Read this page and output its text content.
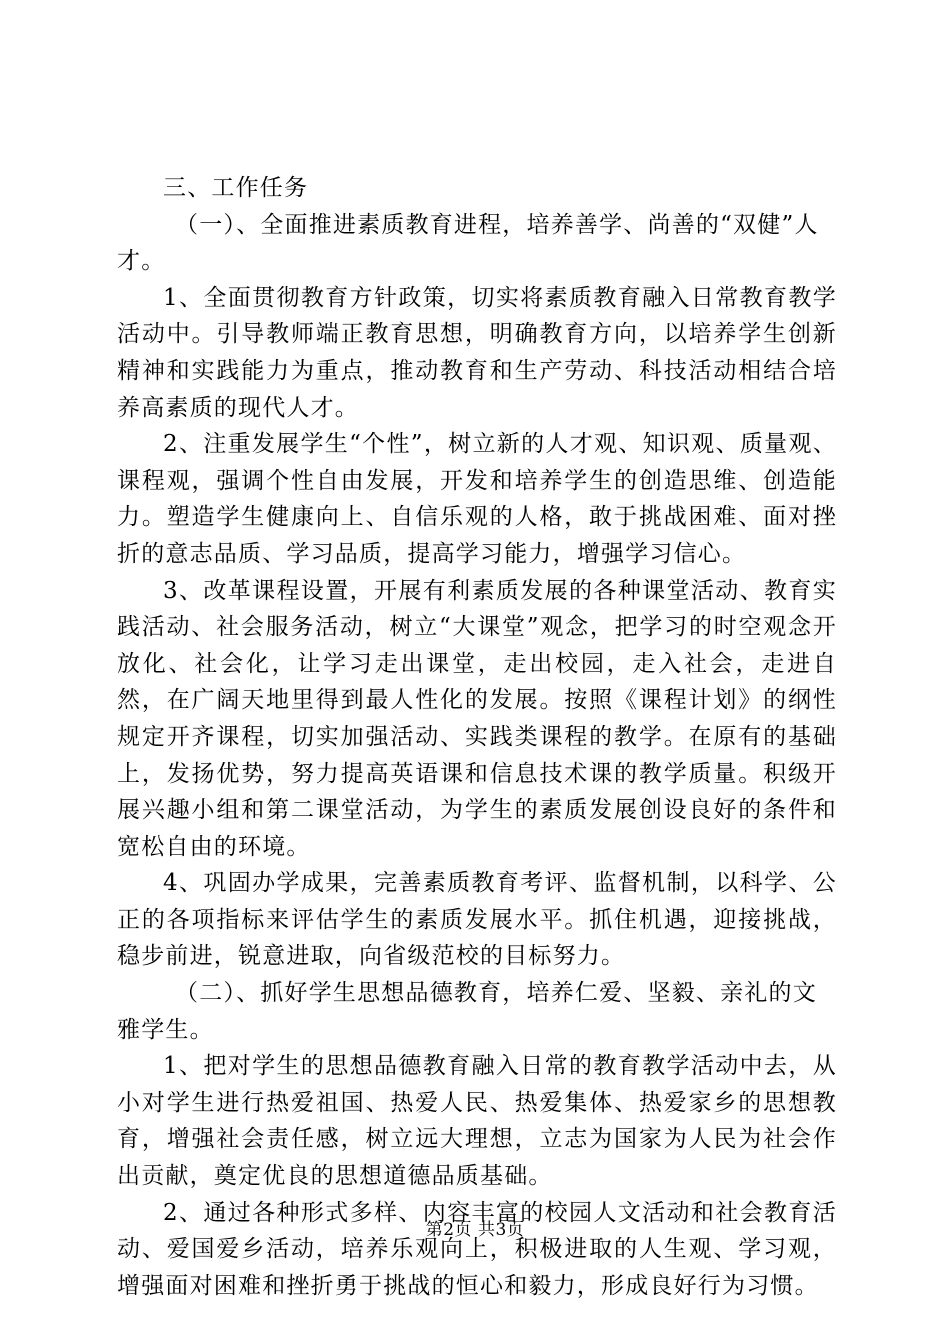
三、工作任务

（一）、全面推进素质教育进程，培养善学、尚善的“双健”人才。

1、全面贯彻教育方针政策，切实将素质教育融入日常教育教学活动中。引导教师端正教育思想，明确教育方向，以培养学生创新精神和实践能力为重点，推动教育和生产劳动、科技活动相结合培养高素质的现代人才。

2、注重发展学生“个性”，树立新的人才观、知识观、质量观、课程观，强调个性自由发展，开发和培养学生的创造思维、创造能力。塑造学生健康向上、自信乐观的人格，敢于挑战困难、面对挫折的意志品质、学习品质，提高学习能力，增强学习信心。

3、改革课程设置，开展有利素质发展的各种课堂活动、教育实践活动、社会服务活动，树立“大课堂”观念，把学习的时空观念开放化、社会化，让学习走出课堂，走出校园，走入社会，走进自然，在广阔天地里得到最人性化的发展。按照《课程计划》的纲性规定开齐课程，切实加强活动、实践类课程的教学。在原有的基础上，发扬优势，努力提高英语课和信息技术课的教学质量。积级开展兴趣小组和第二课堂活动，为学生的素质发展创设良好的条件和宽松自由的环境。

4、巩固办学成果，完善素质教育考评、监督机制，以科学、公正的各项指标来评估学生的素质发展水平。抓住机遇，迎接挑战，稳步前进，锐意进取，向省级范校的目标努力。

（二）、抓好学生思想品德教育，培养仁爱、坚毅、亲礼的文雅学生。

1、把对学生的思想品德教育融入日常的教育教学活动中去，从小对学生进行热爱祖国、热爱人民、热爱集体、热爱家乡的思想教育，增强社会责任感，树立远大理想，立志为国家为人民为社会作出贡献，奠定优良的思想道德品质基础。

2、通过各种形式多样、内容丰富的校园人文活动和社会教育活动、爱国爱乡活动，培养乐观向上，积极进取的人生观、学习观，增强面对困难和挫折勇于挑战的恒心和毅力，形成良好行为习惯。

第2页 共3页
